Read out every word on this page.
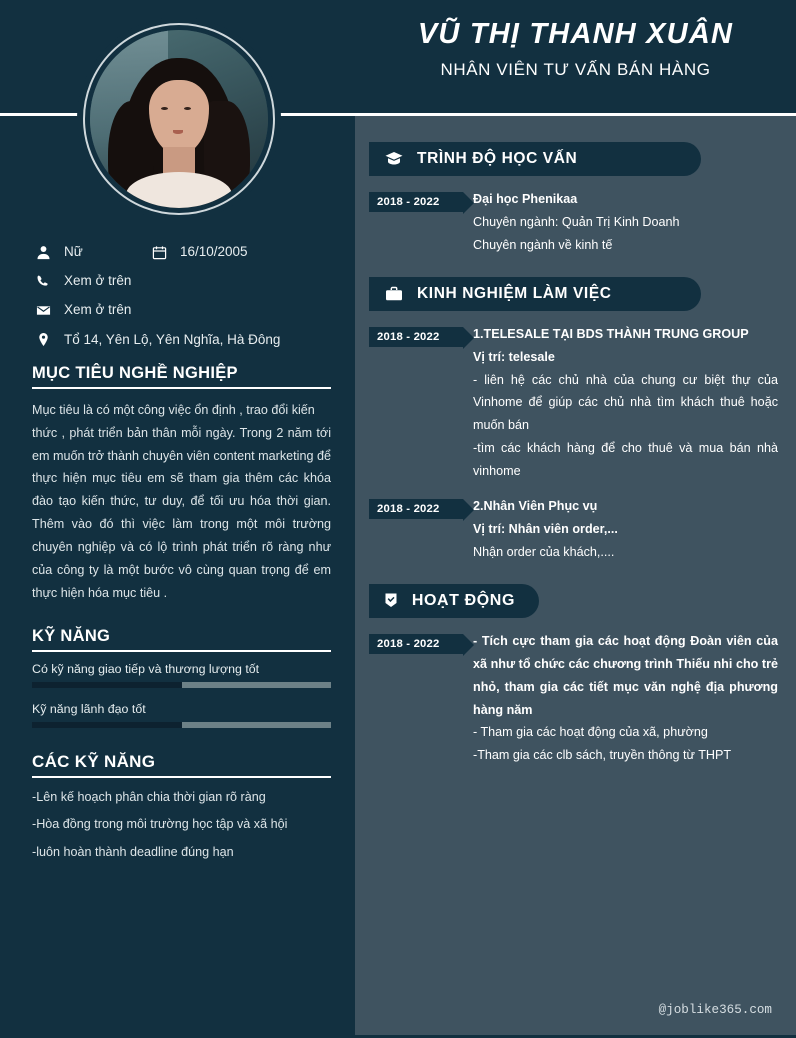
Nữ	16/10/2005
Xem ở trên
Xem ở trên
Tổ 14, Yên Lộ, Yên Nghĩa, Hà Đông
MỤC TIÊU NGHỀ NGHIỆP
Mục tiêu là có một công việc ổn định , trao đổi kiến
thức , phát triển bản thân mỗi ngày. Trong 2 năm tới em muốn trở thành chuyên viên content marketing để thực hiện mục tiêu em sẽ tham gia thêm các khóa đào tạo kiến thức, tư duy, để tối ưu hóa thời gian. Thêm vào đó thì việc làm trong một môi trường chuyên nghiệp và có lộ trình phát triển rõ ràng như của công ty là một bước vô cùng quan trọng để em thực hiện hóa mục tiêu .
KỸ NĂNG
Có kỹ năng giao tiếp và thương lượng tốt
Kỹ năng lãnh đạo tốt
CÁC KỸ NĂNG
-Lên kế hoạch phân chia thời gian rõ ràng
-Hòa đồng trong môi trường học tập và xã hội
-luôn hoàn thành deadline đúng hạn
VŨ THỊ THANH XUÂN
NHÂN VIÊN TƯ VẤN BÁN HÀNG
TRÌNH ĐỘ HỌC VẤN
2018 - 2022	Đại học Phenikaa

Chuyên ngành: Quản Trị Kinh Doanh

Chuyên ngành về kinh tế

KINH NGHIỆM LÀM VIỆC
2018 - 2022	1.TELESALE TẠI BDS THÀNH TRUNG GROUP

Vị trí: telesale

- liên hệ các chủ nhà của chung cư biệt thự của Vinhome để giúp các chủ nhà tìm khách thuê hoặc muốn bán

-tìm các khách hàng để cho thuê và mua bán nhà vinhome

2018 - 2022	2.Nhân Viên Phục vụ

Vị trí: Nhân viên order,...

Nhận order của khách,....

HOẠT ĐỘNG
2018 - 2022	- Tích cực tham gia các hoạt động Đoàn viên của xã như tổ chức các chương trình Thiếu nhi cho trẻ nhỏ, tham gia các tiết mục văn nghệ địa phương hàng năm

- Tham gia các hoạt động của xã, phường

-Tham gia các clb sách, truyền thông từ THPT

@joblike365.com
